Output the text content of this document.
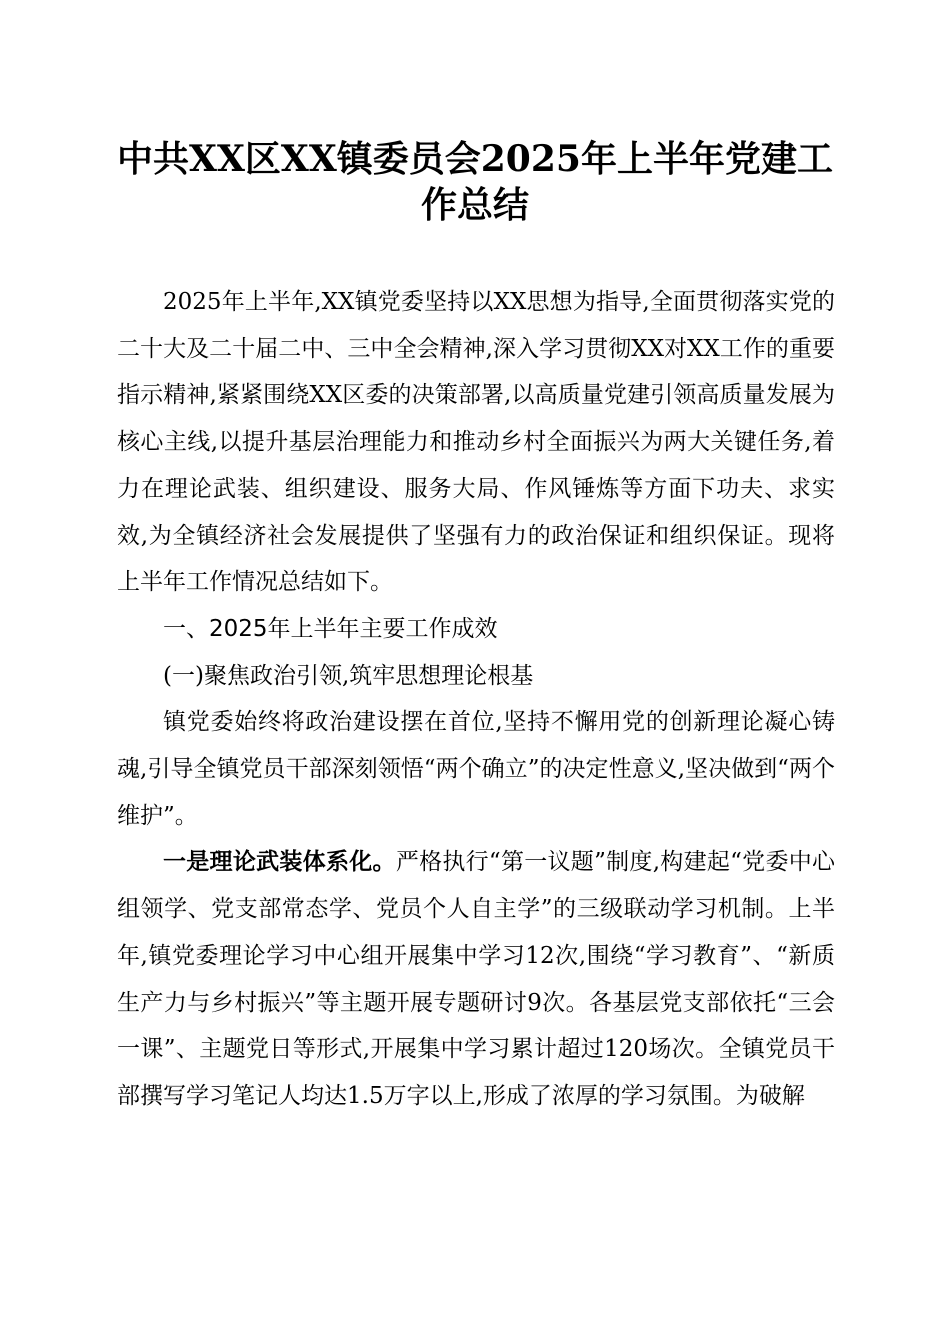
中共XX区XX镇委员会2025年上半年党建工作总结

2025年上半年,XX镇党委坚持以XX思想为指导,全面贯彻落实党的二十大及二十届二中、三中全会精神,深入学习贯彻XX对XX工作的重要指示精神,紧紧围绕XX区委的决策部署,以高质量党建引领高质量发展为核心主线,以提升基层治理能力和推动乡村全面振兴为两大关键任务,着力在理论武装、组织建设、服务大局、作风锤炼等方面下功夫、求实效,为全镇经济社会发展提供了坚强有力的政治保证和组织保证。现将上半年工作情况总结如下。

一、2025年上半年主要工作成效

(一)聚焦政治引领,筑牢思想理论根基

镇党委始终将政治建设摆在首位,坚持不懈用党的创新理论凝心铸魂,引导全镇党员干部深刻领悟“两个确立”的决定性意义,坚决做到“两个维护”。

一是理论武装体系化。严格执行“第一议题”制度,构建起“党委中心组领学、党支部常态学、党员个人自主学”的三级联动学习机制。上半年,镇党委理论学习中心组开展集中学习12次,围绕“学习教育”、“新质生产力与乡村振兴”等主题开展专题研讨9次。各基层党支部依托“三会一课”、主题党日等形式,开展集中学习累计超过120场次。全镇党员干部撰写学习笔记人均达1.5万字以上,形成了浓厚的学习氛围。为破解
